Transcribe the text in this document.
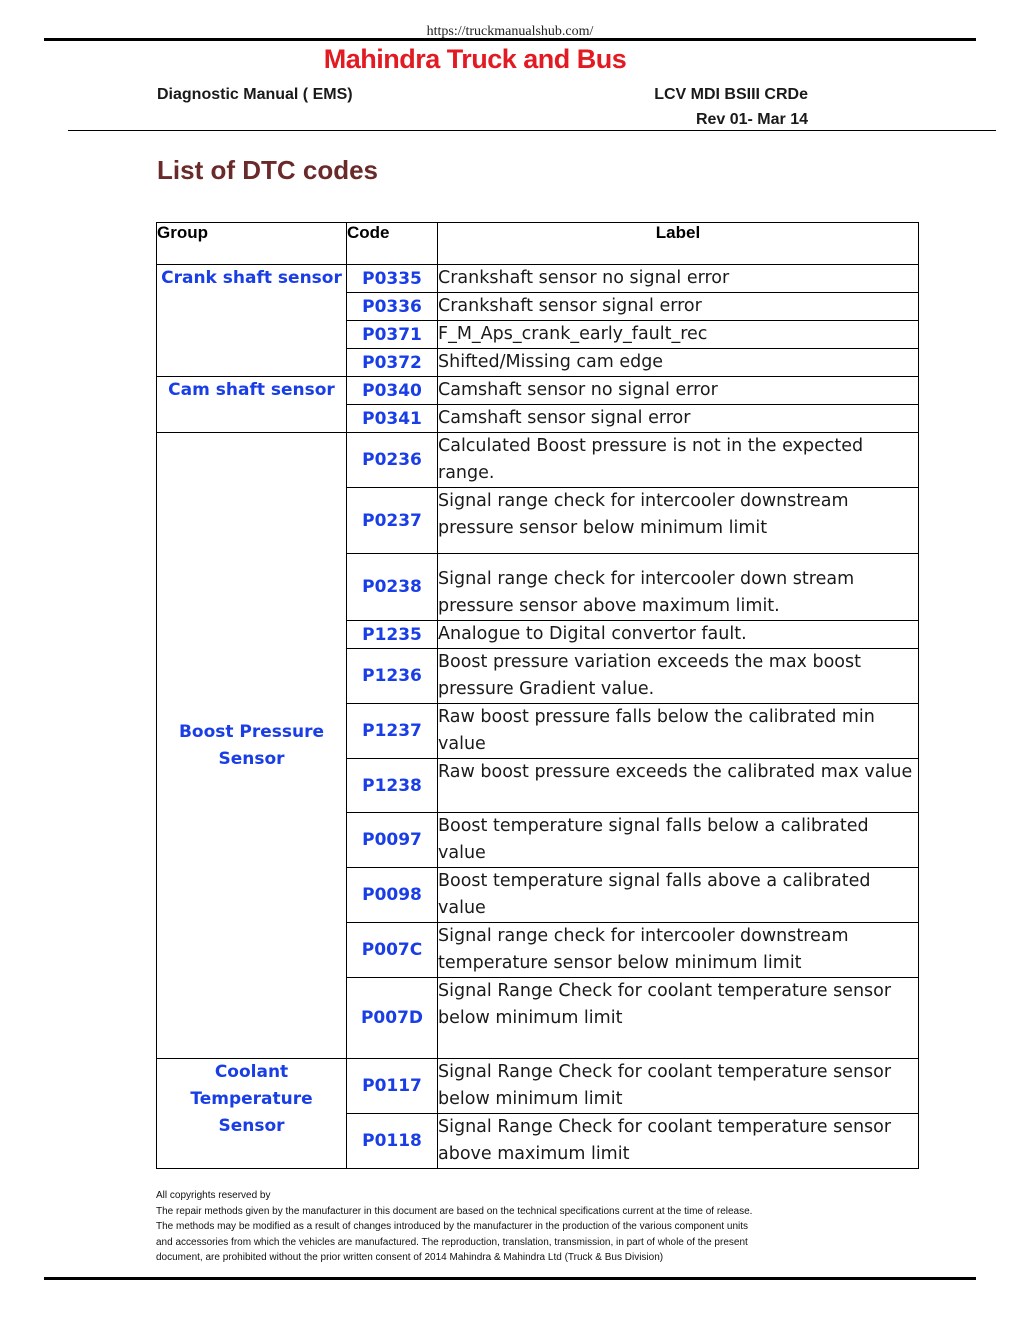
https://truckmanualshub.com/
Mahindra Truck and Bus
Diagnostic Manual ( EMS)	LCV MDI BSIII CRDe
Rev 01- Mar 14
List of DTC codes
Group	Code	Label
Crank shaft sensor	P0335	Crankshaft sensor no signal error
	P0336	Crankshaft sensor signal error
	P0371	F_M_Aps_crank_early_fault_rec
	P0372	Shifted/Missing cam edge
Cam shaft sensor	P0340	Camshaft sensor no signal error
	P0341	Camshaft sensor signal error

Boost Pressure Sensor	P0236	Calculated Boost pressure is not in the expected range.
	P0237	Signal range check for intercooler downstream pressure sensor below minimum limit
	P0238	Signal range check for intercooler down stream pressure sensor above maximum limit.
	P1235	Analogue to Digital convertor fault.
	P1236	Boost pressure variation exceeds the max boost pressure Gradient value.
	P1237	Raw boost pressure falls below the calibrated min value
	P1238	Raw boost pressure exceeds the calibrated max value
	P0097	Boost temperature signal falls below a calibrated value
	P0098	Boost temperature signal falls above a calibrated value
	P007C	Signal range check for intercooler downstream temperature sensor below minimum limit
	P007D	Signal Range Check for coolant temperature sensor below minimum limit

Coolant Temperature Sensor	P0117	Signal Range Check for coolant temperature sensor below minimum limit
	P0118	Signal Range Check for coolant temperature sensor above maximum limit
All copyrights reserved by
The repair methods given by the manufacturer in this document are based on the technical specifications current at the time of release.
The methods may be modified as a result of changes introduced by the manufacturer in the production of the various component units
and accessories from which the vehicles are manufactured. The reproduction, translation, transmission, in part of whole of the present
document, are prohibited without the prior written consent of 2014 Mahindra & Mahindra Ltd (Truck & Bus Division)
